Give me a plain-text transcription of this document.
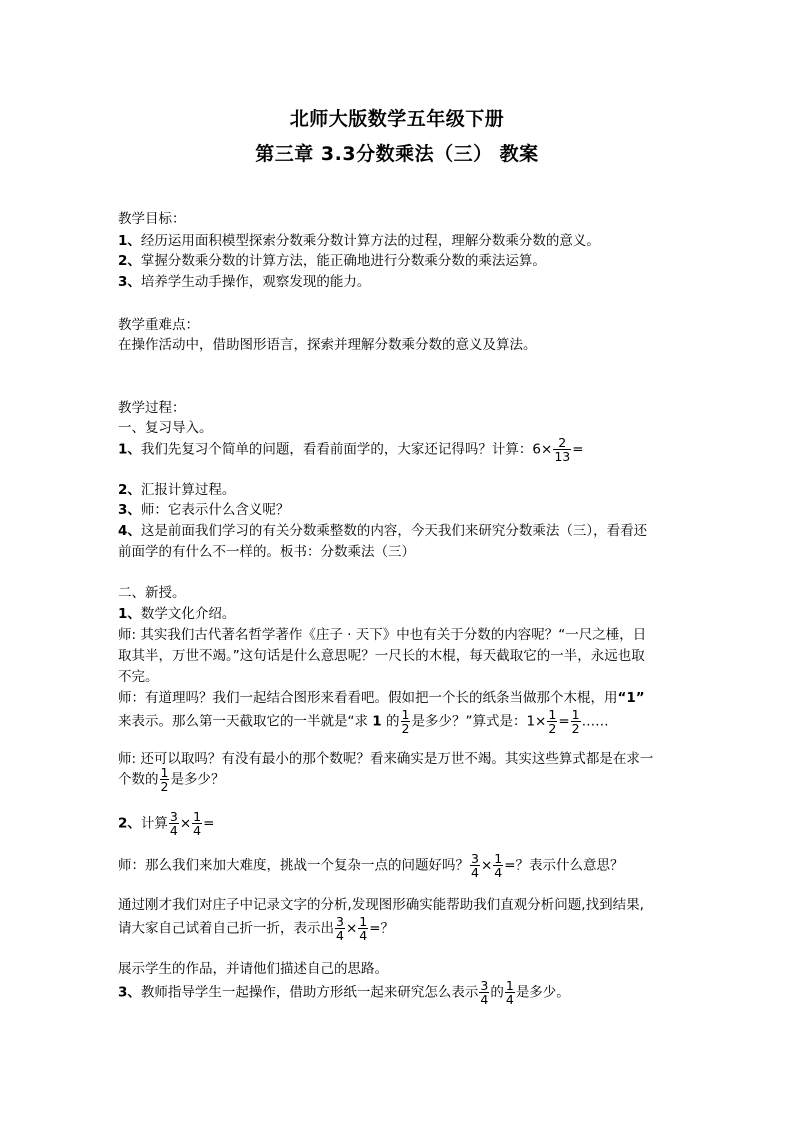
北师大版数学五年级下册
第三章 3.3分数乘法（三） 教案
教学目标：
1、经历运用面积模型探索分数乘分数计算方法的过程，理解分数乘分数的意义。
2、掌握分数乘分数的计算方法，能正确地进行分数乘分数的乘法运算。
3、培养学生动手操作，观察发现的能力。
教学重难点：
在操作活动中，借助图形语言，探索并理解分数乘分数的意义及算法。
教学过程：
一、复习导入。
1、我们先复习个简单的问题，看看前面学的，大家还记得吗？计算：$6\times \frac{2}{13}$ =
2、汇报计算过程。
3、师：它表示什么含义呢？
4、这是前面我们学习的有关分数乘整数的内容，今天我们来研究分数乘法（三），看看还
前面学的有什么不一样的。板书：分数乘法（三）
二、新授。
1、数学文化介绍。
师: 其实我们古代著名哲学著作《庄子 · 天下》中也有关于分数的内容呢？“一尺之棰，日
取其半，万世不竭。”这句话是什么意思呢？一尺长的木棍，每天截取它的一半，永远也取
不完。
师：有道理吗？我们一起结合图形来看看吧。假如把一个长的纸条当做那个木棍，用“1”
来表示。那么第一天截取它的一半就是“求 1 的 $\frac{1}{2}$ 是多少？”算式是：$1\times \frac{1}{2} = \frac{1}{2}$ ……
师: 还可以取吗？有没有最小的那个数呢？看来确实是万世不竭。其实这些算式都是在求一
个数的 $\frac{1}{2}$ 是多少？
2、计算 $\frac{3}{4} \times \frac{1}{4}$ =
师：那么我们来加大难度，挑战一个复杂一点的问题好吗？ $\frac{3}{4} \times \frac{1}{4}$ =？表示什么意思？
通过刚才我们对庄子中记录文字的分析,发现图形确实能帮助我们直观分析问题,找到结果,
请大家自己试着自己折一折，表示出 $\frac{3}{4} \times \frac{1}{4}$ =？
展示学生的作品，并请他们描述自己的思路。
3、教师指导学生一起操作，借助方形纸一起来研究怎么表示 $\frac{3}{4}$ 的 $\frac{1}{4}$ 是多少。
